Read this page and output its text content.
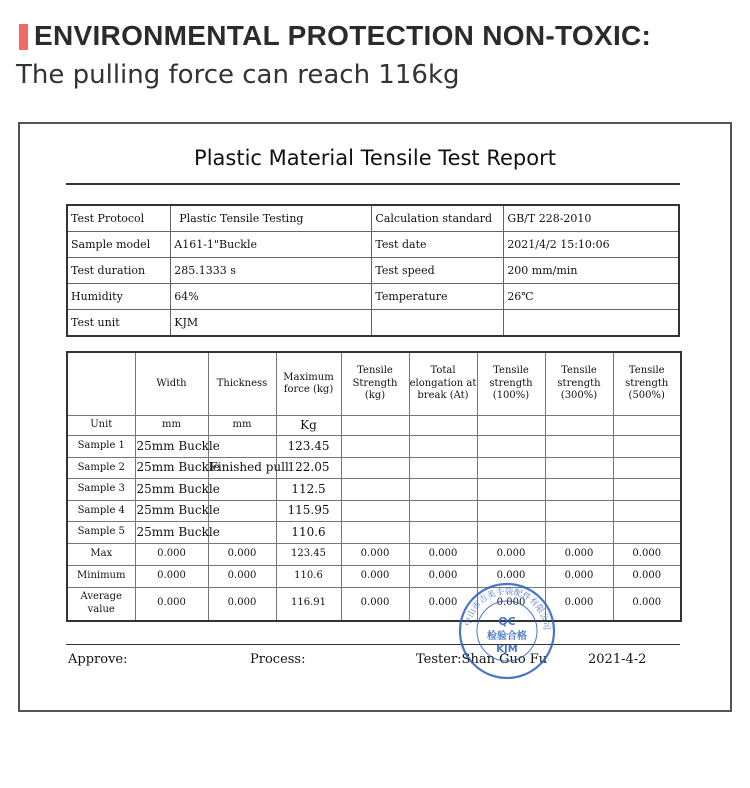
ENVIRONMENTAL PROTECTION NON-TOXIC:
The pulling force can reach 116kg
Plastic Material Tensile Test Report
Test Protocol	Plastic Tensile Testing	Calculation standard	GB/T 228-2010
Sample model	A161-1"Buckle	Test date	2021/4/2 15:10:06
Test duration	285.1333 s	Test speed	200 mm/min
Humidity	64%	Temperature	26℃
Test unit	KJM		
	Width	Thickness	Maximum force (kg)	Tensile Strength (kg)	Total elongation at break (At)	Tensile strength (100%)	Tensile strength (300%)	Tensile strength (500%)
Unit	mm	mm	Kg					
Sample 1	25mm Buckle		123.45					
Sample 2	25mm Buckle	Finished pull	122.05					
Sample 3	25mm Buckle		112.5					
Sample 4	25mm Buckle		115.95					
Sample 5	25mm Buckle		110.6					
Max	0.000	0.000	123.45	0.000	0.000	0.000	0.000	0.000
Minimum	0.000	0.000	110.6	0.000	0.000	0.000	0.000	0.000
Average value	0.000	0.000	116.91	0.000	0.000	0.000	0.000	0.000
Approve:	Process:	Tester:Shan Guo Fu	2021-4-2
中山市吉美手袋配件有限公司
QC
检验合格
KJM
